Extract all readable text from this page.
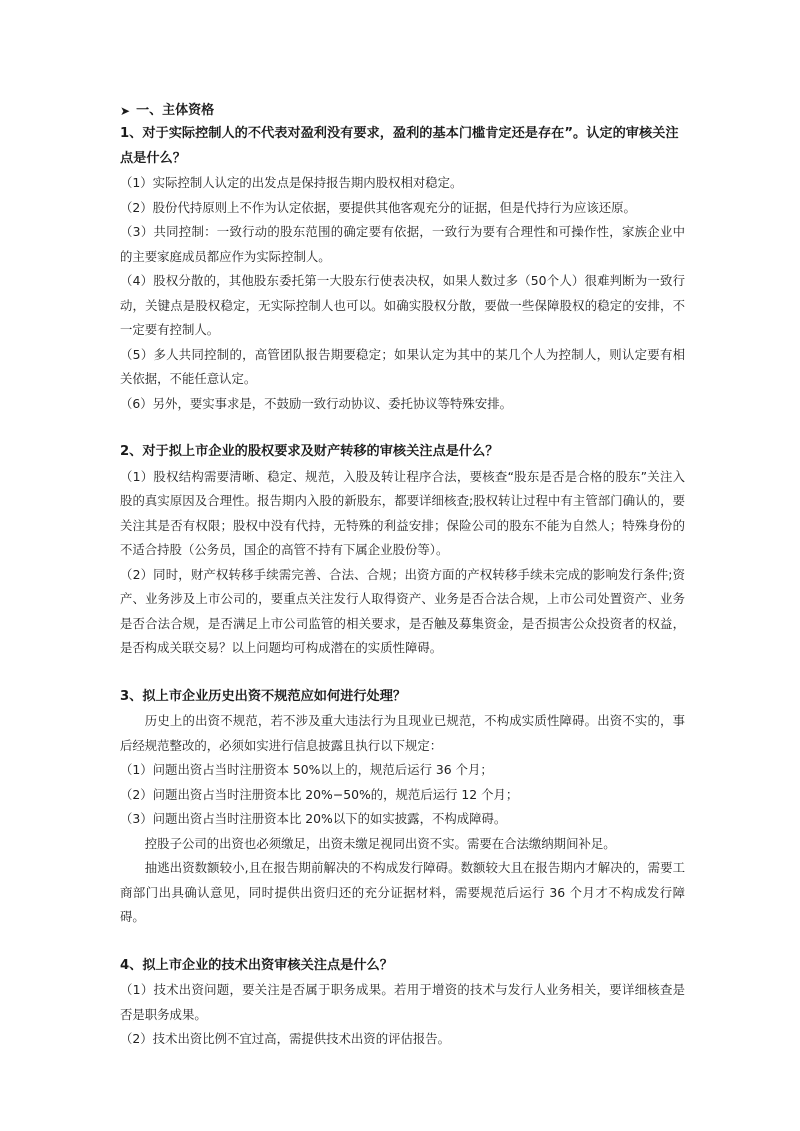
➤ 一、主体资格

1、对于实际控制人的不代表对盈利没有要求，盈利的基本门槛肯定还是存在”。认定的审核关注点是什么？

（1）实际控制人认定的出发点是保持报告期内股权相对稳定。

（2）股份代持原则上不作为认定依据，要提供其他客观充分的证据，但是代持行为应该还原。

（3）共同控制：一致行动的股东范围的确定要有依据，一致行为要有合理性和可操作性，家族企业中的主要家庭成员都应作为实际控制人。

（4）股权分散的，其他股东委托第一大股东行使表决权，如果人数过多（50个人）很难判断为一致行动，关键点是股权稳定，无实际控制人也可以。如确实股权分散，要做一些保障股权的稳定的安排，不一定要有控制人。

（5）多人共同控制的，高管团队报告期要稳定；如果认定为其中的某几个人为控制人，则认定要有相关依据，不能任意认定。

（6）另外，要实事求是，不鼓励一致行动协议、委托协议等特殊安排。

2、对于拟上市企业的股权要求及财产转移的审核关注点是什么？

（1）股权结构需要清晰、稳定、规范，入股及转让程序合法，要核查“股东是否是合格的股东”关注入股的真实原因及合理性。报告期内入股的新股东，都要详细核查;股权转让过程中有主管部门确认的，要关注其是否有权限；股权中没有代持，无特殊的利益安排；保险公司的股东不能为自然人；特殊身份的不适合持股（公务员，国企的高管不持有下属企业股份等）。

（2）同时，财产权转移手续需完善、合法、合规；出资方面的产权转移手续未完成的影响发行条件;资产、业务涉及上市公司的，要重点关注发行人取得资产、业务是否合法合规，上市公司处置资产、业务是否合法合规，是否满足上市公司监管的相关要求，是否触及募集资金，是否损害公众投资者的权益，是否构成关联交易？以上问题均可构成潜在的实质性障碍。

3、拟上市企业历史出资不规范应如何进行处理？

历史上的出资不规范，若不涉及重大违法行为且现业已规范，不构成实质性障碍。出资不实的，事后经规范整改的，必须如实进行信息披露且执行以下规定：

（1）问题出资占当时注册资本 50%以上的，规范后运行 36 个月；

（2）问题出资占当时注册资本比 20%−50%的，规范后运行 12 个月；

（3）问题出资占当时注册资本比 20%以下的如实披露，不构成障碍。

控股子公司的出资也必须缴足，出资未缴足视同出资不实。需要在合法缴纳期间补足。

抽逃出资数额较小,且在报告期前解决的不构成发行障碍。数额较大且在报告期内才解决的，需要工商部门出具确认意见，同时提供出资归还的充分证据材料，需要规范后运行 36 个月才不构成发行障碍。

4、拟上市企业的技术出资审核关注点是什么？

（1）技术出资问题，要关注是否属于职务成果。若用于增资的技术与发行人业务相关，要详细核查是否是职务成果。

（2）技术出资比例不宜过高，需提供技术出资的评估报告。
